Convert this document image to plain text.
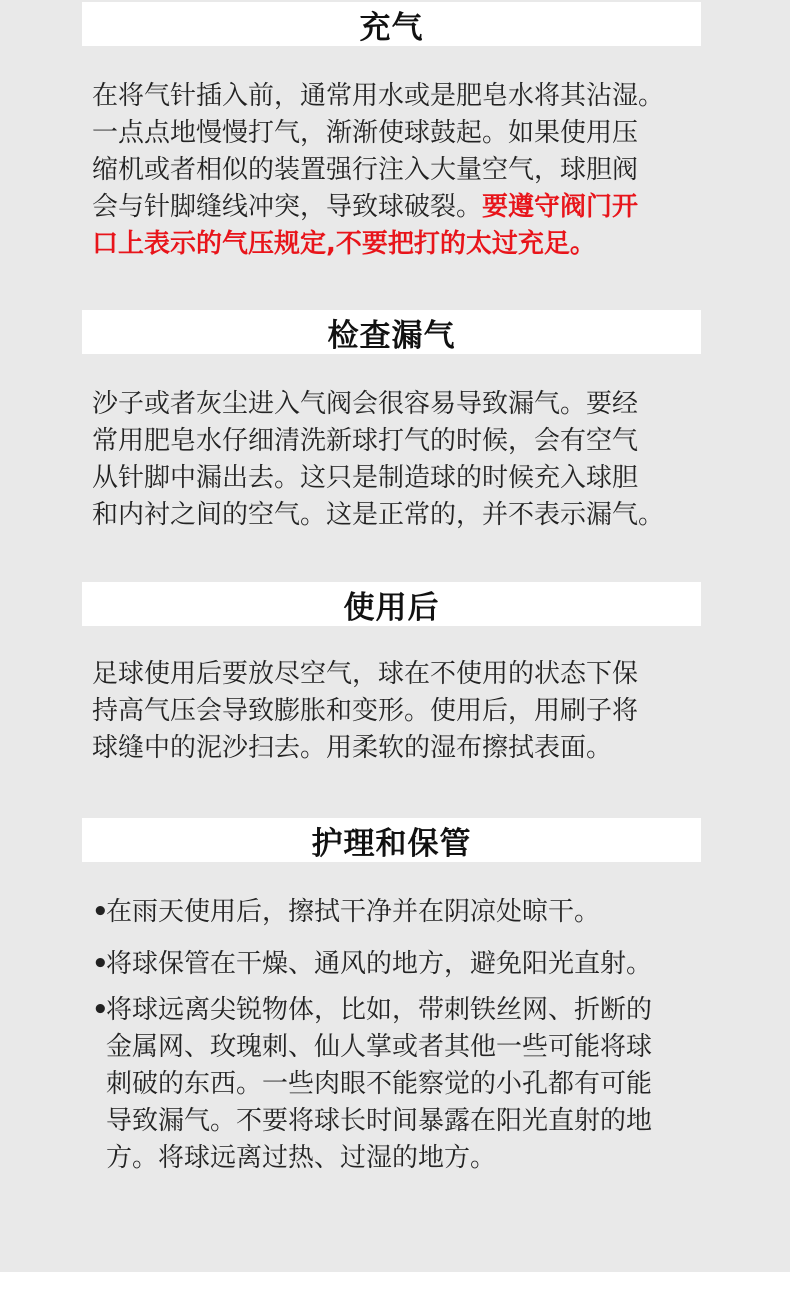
充气

在将气针插入前，通常用水或是肥皂水将其沾湿。
一点点地慢慢打气，渐渐使球鼓起。如果使用压
缩机或者相似的装置强行注入大量空气，球胆阀
会与针脚缝线冲突，导致球破裂。要遵守阀门开
口上表示的气压规定,不要把打的太过充足。

检查漏气

沙子或者灰尘进入气阀会很容易导致漏气。要经
常用肥皂水仔细清洗新球打气的时候，会有空气
从针脚中漏出去。这只是制造球的时候充入球胆
和内衬之间的空气。这是正常的，并不表示漏气。

使用后

足球使用后要放尽空气，球在不使用的状态下保
持高气压会导致膨胀和变形。使用后，用刷子将
球缝中的泥沙扫去。用柔软的湿布擦拭表面。

护理和保管
•
在雨天使用后，擦拭干净并在阴凉处晾干。
•
将球保管在干燥、通风的地方，避免阳光直射。
•
将球远离尖锐物体，比如，带刺铁丝网、折断的
金属网、玫瑰刺、仙人掌或者其他一些可能将球
刺破的东西。一些肉眼不能察觉的小孔都有可能
导致漏气。不要将球长时间暴露在阳光直射的地
方。将球远离过热、过湿的地方。
